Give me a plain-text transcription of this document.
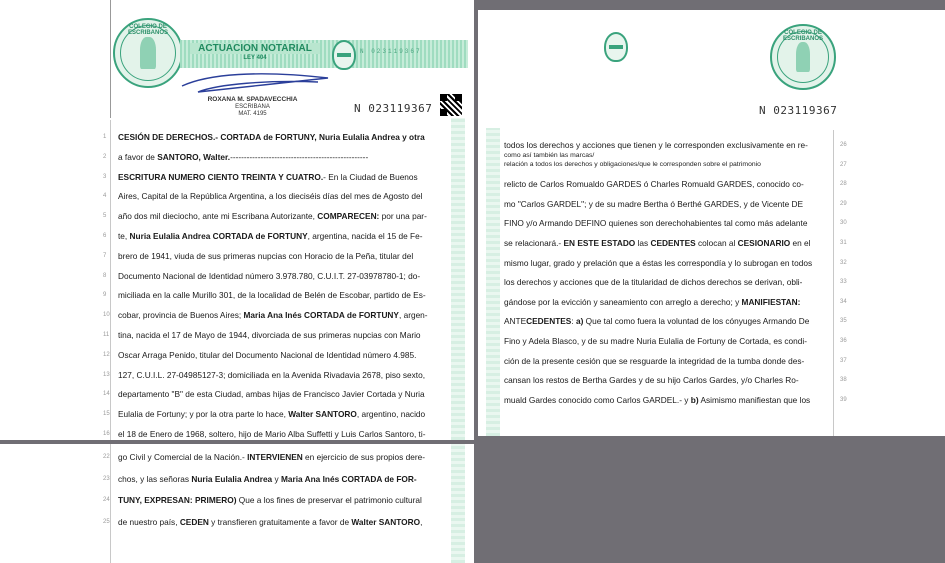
COLEGIO DE ESCRIBANOS
ACTUACION NOTARIAL
LEY 404
N 023119367
ROXANA M. SPADAVECCHIA
ESCRIBANA
MAT. 4195	N 023119367
1 CESIÓN DE DERECHOS.- CORTADA de FORTUNY, Nuria Eulalia Andrea y otra
2 a favor de SANTORO, Walter.--------------------------------------------------
3 ESCRITURA NUMERO CIENTO TREINTA Y CUATRO.- En la Ciudad de Buenos
4 Aires, Capital de la República Argentina, a los dieciséis días del mes de Agosto del
5 año dos mil dieciocho, ante mi Escribana Autorizante, COMPARECEN: por una par-
6 te, Nuria Eulalia Andrea CORTADA de FORTUNY, argentina, nacida el 15 de Fe-
7 brero de 1941, viuda de sus primeras nupcias con Horacio de la Peña, titular del
8 Documento Nacional de Identidad número 3.978.780, C.U.I.T. 27-03978780-1; do-
9 miciliada en la calle Murillo 301, de la localidad de Belén de Escobar, partido de Es-
10 cobar, provincia de Buenos Aires; Maria Ana Inés CORTADA de FORTUNY, argen-
11 tina, nacida el 17 de Mayo de 1944, divorciada de sus primeras nupcias con Mario
12 Oscar Arraga Penido, titular del Documento Nacional de Identidad número 4.985.
13 127, C.U.I.L. 27-04985127-3; domiciliada en la Avenida Rivadavia 2678, piso sexto,
14 departamento "B" de esta Ciudad, ambas hijas de Francisco Javier Cortada y Nuria
15 Eulalia de Fortuny; y por la otra parte lo hace, Walter SANTORO, argentino, nacido
16 el 18 de Enero de 1968, soltero, hijo de Mario Alba Suffetti y Luis Carlos Santoro, ti-
COLEGIO DE ESCRIBANOS
N 023119367
como así también las marcas/
relación a todos los derechos y obligaciones/que le corresponden sobre el patrimonio
26
todos los derechos y acciones que tienen y le corresponden exclusivamente en re-
27
28
relicto de Carlos Romualdo GARDES ó Charles Romuald GARDES, conocido co-
29
mo "Carlos GARDEL"; y de su madre Bertha ó Berthé GARDES, y de Vicente DE
30
FINO y/o Armando DEFINO quienes son derechohabientes tal como más adelante
31
se relacionará.- EN ESTE ESTADO las CEDENTES colocan al CESIONARIO en el
32
mismo lugar, grado y prelación que a éstas les correspondía y lo subrogan en todos
33
los derechos y acciones que de la titularidad de dichos derechos se derivan, obli-
34
gándose por la evicción y saneamiento con arreglo a derecho; y MANIFIESTAN:
35
ANTECEDENTES: a) Que tal como fuera la voluntad de los cónyuges Armando De
36
Fino y Adela Blasco, y de su madre Nuria Eulalia de Fortuny de Cortada, es condi-
37
ción de la presente cesión que se resguarde la integridad de la tumba donde des-
38
cansan los restos de Bertha Gardes y de su hijo Carlos Gardes, y/o Charles Ro-
39
muald Gardes conocido como Carlos GARDEL.- y b) Asimismo manifiestan que los
22 go Civil y Comercial de la Nación.- INTERVIENEN en ejercicio de sus propios dere-
23 chos, y las señoras Nuria Eulalia Andrea y Maria Ana Inés CORTADA de FOR-
24 TUNY, EXPRESAN: PRIMERO) Que a los fines de preservar el patrimonio cultural
25 de nuestro país, CEDEN y transfieren gratuitamente a favor de Walter SANTORO,
